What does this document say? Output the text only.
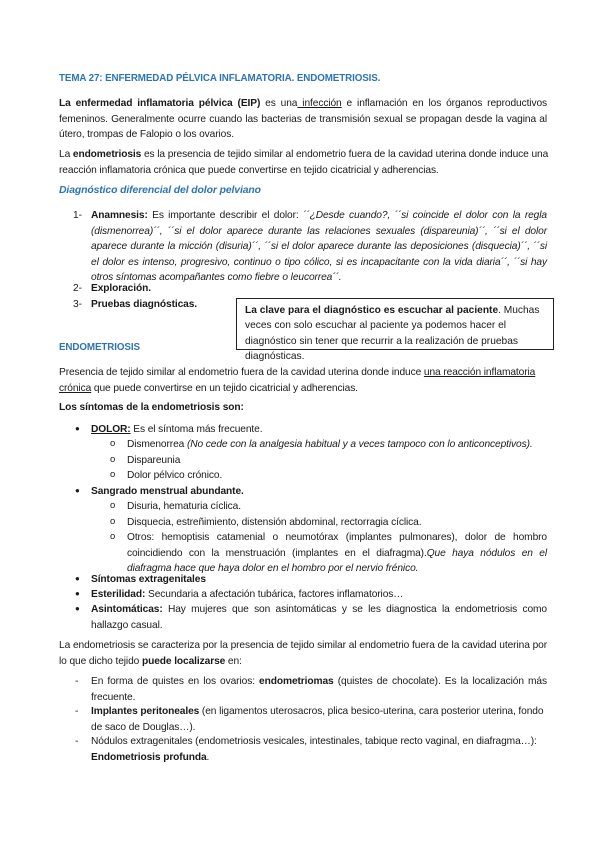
TEMA 27: ENFERMEDAD PÉLVICA INFLAMATORIA. ENDOMETRIOSIS.
La enfermedad inflamatoria pélvica (EIP) es una infección e inflamación en los órganos reproductivos femeninos. Generalmente ocurre cuando las bacterias de transmisión sexual se propagan desde la vagina al útero, trompas de Falopio o los ovarios.
La endometriosis es la presencia de tejido similar al endometrio fuera de la cavidad uterina donde induce una reacción inflamatoria crónica que puede convertirse en tejido cicatricial y adherencias.
Diagnóstico diferencial del dolor pelviano
1- Anamnesis: Es importante describir el dolor: ´´¿Desde cuando?, ´´si coincide el dolor con la regla (dismenorrea)´´, ´´si el dolor aparece durante las relaciones sexuales (dispareunia)´´, ´´si el dolor aparece durante la micción (disuria)´´, ´´si el dolor aparece durante las deposiciones (disquecia)´´, ´´si el dolor es intenso, progresivo, continuo o tipo cólico, si es incapacitante con la vida diaria´´, ´´si hay otros síntomas acompañantes como fiebre o leucorrea´´.
2- Exploración.
3- Pruebas diagnósticas.
La clave para el diagnóstico es escuchar al paciente. Muchas veces con solo escuchar al paciente ya podemos hacer el diagnóstico sin tener que recurrir a la realización de pruebas diagnósticas.
ENDOMETRIOSIS
Presencia de tejido similar al endometrio fuera de la cavidad uterina donde induce una reacción inflamatoria crónica que puede convertirse en un tejido cicatricial y adherencias.
Los síntomas de la endometriosis son:
● DOLOR: Es el síntoma más frecuente.
o Dismenorrea (No cede con la analgesia habitual y a veces tampoco con lo anticonceptivos).
o Dispareunia
o Dolor pélvico crónico.
● Sangrado menstrual abundante.
o Disuria, hematuria cíclica.
o Disquecia, estreñimiento, distensión abdominal, rectorragia cíclica.
o Otros: hemoptisis catamenial o neumotórax (implantes pulmonares), dolor de hombro coincidiendo con la menstruación (implantes en el diafragma).Que haya nódulos en el diafragma hace que haya dolor en el hombro por el nervio frénico.
● Síntomas extragenitales
● Esterilidad: Secundaria a afectación tubárica, factores inflamatorios…
● Asintomáticas: Hay mujeres que son asintomáticas y se les diagnostica la endometriosis como hallazgo casual.
La endometriosis se caracteriza por la presencia de tejido similar al endometrio fuera de la cavidad uterina por lo que dicho tejido puede localizarse en:
- En forma de quistes en los ovarios: endometriomas (quistes de chocolate). Es la localización más frecuente.
- Implantes peritoneales (en ligamentos uterosacros, plica besico-uterina, cara posterior uterina, fondo de saco de Douglas…).
- Nódulos extragenitales (endometriosis vesicales, intestinales, tabique recto vaginal, en diafragma…): Endometriosis profunda.
